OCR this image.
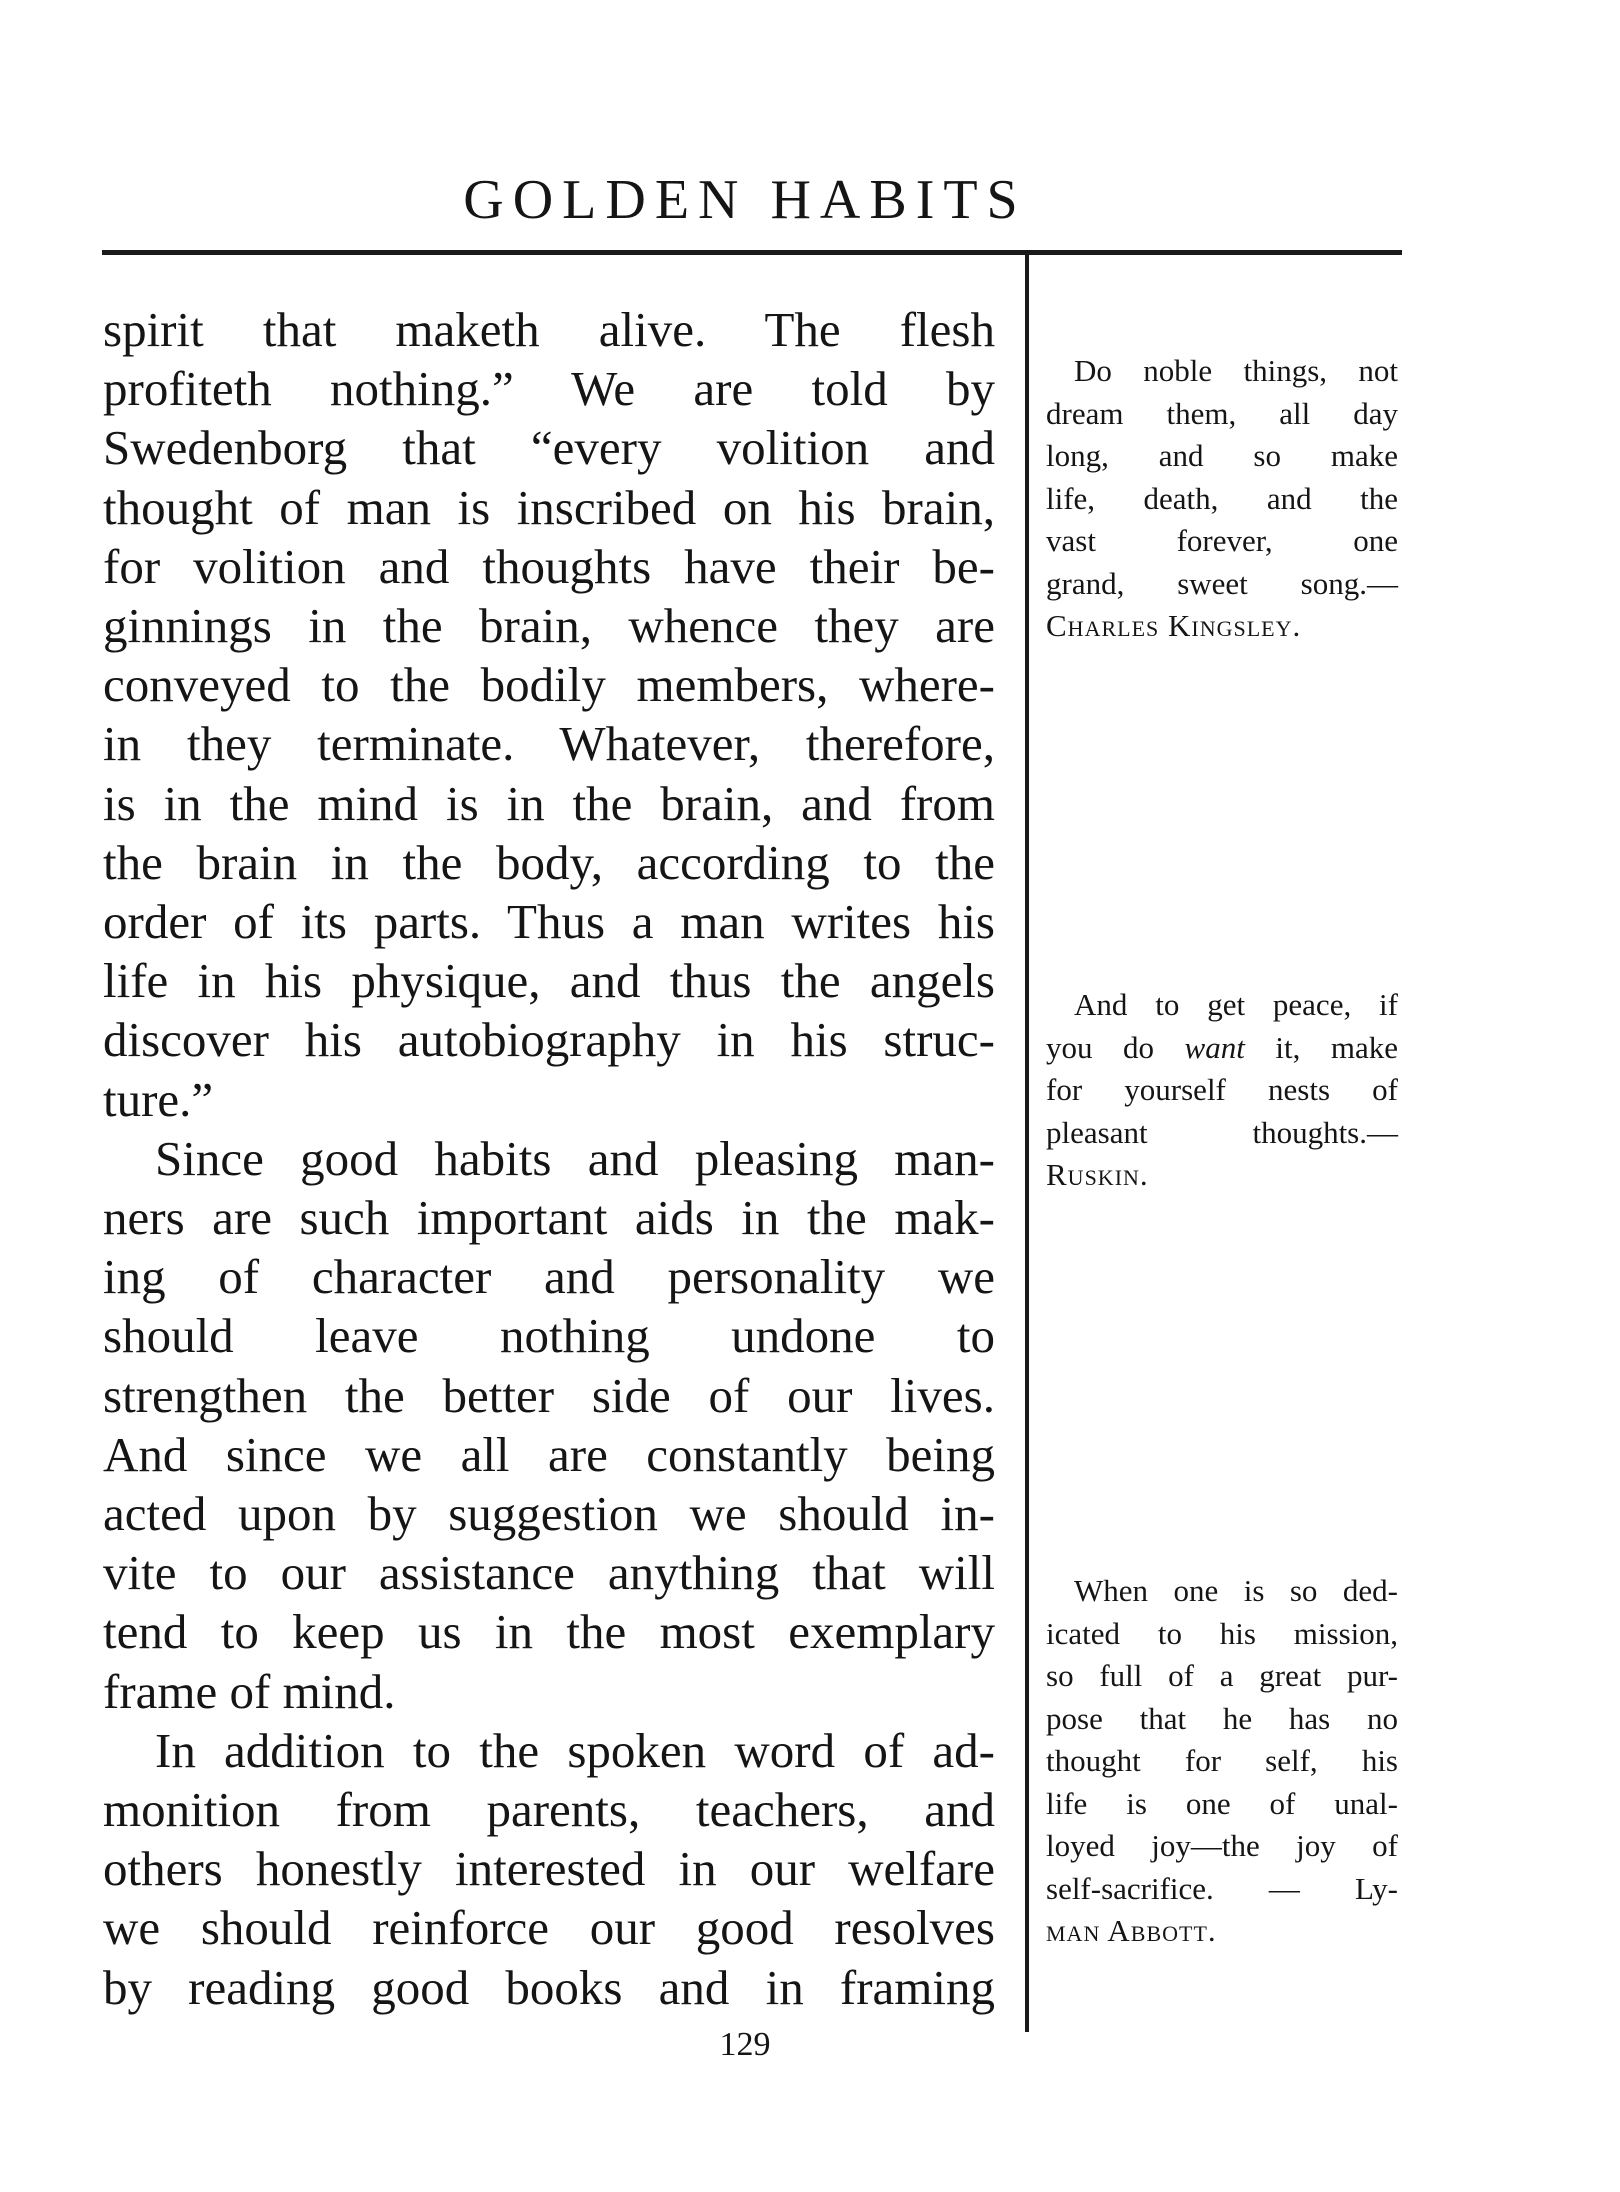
GOLDEN HABITS

spirit that maketh alive. The flesh

profiteth nothing.” We are told by

Swedenborg that “every volition and

thought of man is inscribed on his brain,

for volition and thoughts have their be-

ginnings in the brain, whence they are

conveyed to the bodily members, where-

in they terminate. Whatever, therefore,

is in the mind is in the brain, and from

the brain in the body, according to the

order of its parts. Thus a man writes his

life in his physique, and thus the angels

discover his autobiography in his struc-

ture.”

Since good habits and pleasing man-

ners are such important aids in the mak-

ing of character and personality we

should leave nothing undone to

strengthen the better side of our lives.

And since we all are constantly being

acted upon by suggestion we should in-

vite to our assistance anything that will

tend to keep us in the most exemplary

frame of mind.

In addition to the spoken word of ad-

monition from parents, teachers, and

others honestly interested in our welfare

we should reinforce our good resolves

by reading good books and in framing

Do noble things, not

dream them, all day

long, and so make

life, death, and the

vast forever, one

grand, sweet song.—

Charles Kingsley.

And to get peace, if

you do want it, make

for yourself nests of

pleasant thoughts.—

Ruskin.

When one is so ded-

icated to his mission,

so full of a great pur-

pose that he has no

thought for self, his

life is one of unal-

loyed joy—the joy of

self-sacrifice. — Ly-

man Abbott.

129
